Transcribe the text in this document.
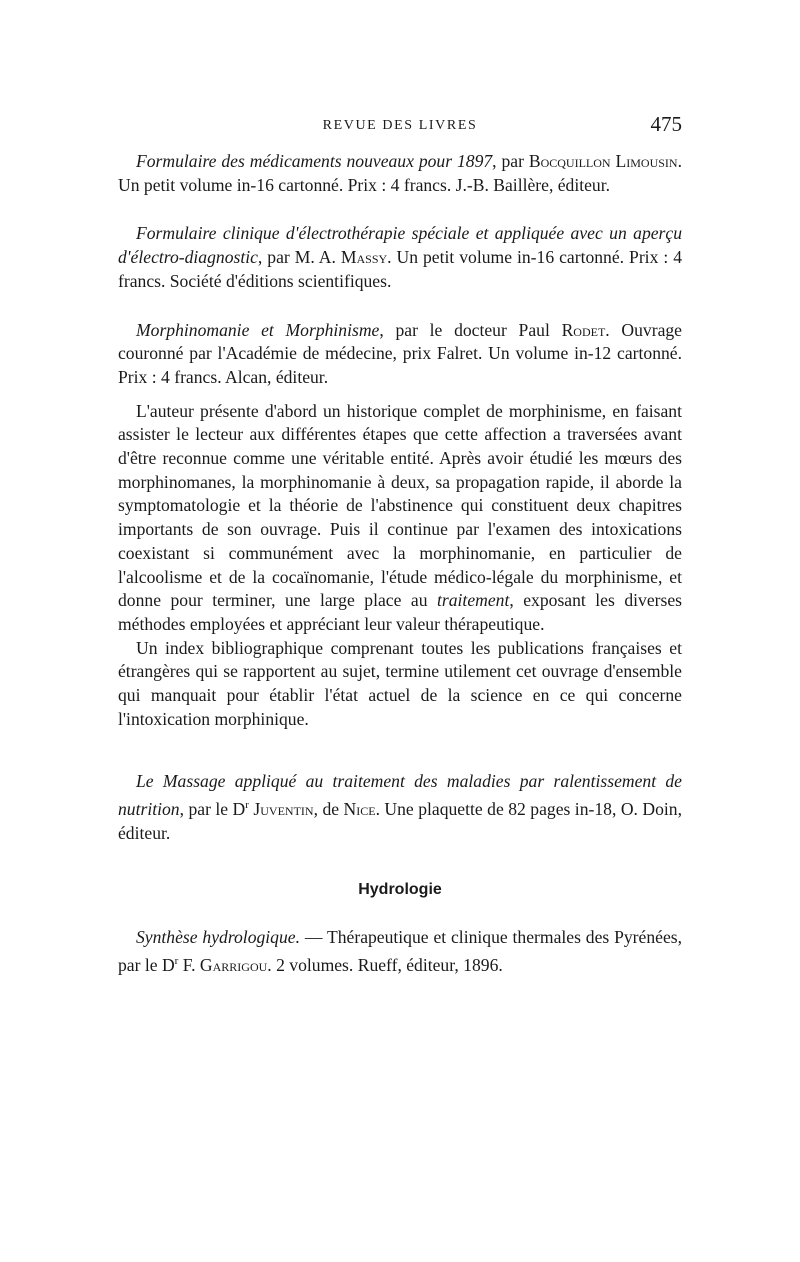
REVUE DES LIVRES	475

Formulaire des médicaments nouveaux pour 1897, par Bocquillon Limousin. Un petit volume in-16 cartonné. Prix : 4 francs. J.-B. Baillère, éditeur.

Formulaire clinique d'électrothérapie spéciale et appliquée avec un aperçu d'électro-diagnostic, par M. A. Massy. Un petit volume in-16 cartonné. Prix : 4 francs. Société d'éditions scientifiques.

Morphinomanie et Morphinisme, par le docteur Paul Rodet. Ouvrage couronné par l'Académie de médecine, prix Falret. Un volume in-12 cartonné. Prix : 4 francs. Alcan, éditeur.

L'auteur présente d'abord un historique complet de morphinisme, en faisant assister le lecteur aux différentes étapes que cette affection a traversées avant d'être reconnue comme une véritable entité. Après avoir étudié les mœurs des morphinomanes, la morphinomanie à deux, sa propagation rapide, il aborde la symptomatologie et la théorie de l'abstinence qui constituent deux chapitres importants de son ouvrage. Puis il continue par l'examen des intoxications coexistant si communément avec la morphinomanie, en particulier de l'alcoolisme et de la cocaïnomanie, l'étude médico-légale du morphinisme, et donne pour terminer, une large place au traitement, exposant les diverses méthodes employées et appréciant leur valeur thérapeutique.

Un index bibliographique comprenant toutes les publications françaises et étrangères qui se rapportent au sujet, termine utilement cet ouvrage d'ensemble qui manquait pour établir l'état actuel de la science en ce qui concerne l'intoxication morphinique.

Le Massage appliqué au traitement des maladies par ralentissement de nutrition, par le $D^r$ Juventin, de Nice. Une plaquette de 82 pages in-18, O. Doin, éditeur.

Hydrologie

Synthèse hydrologique. — Thérapeutique et clinique thermales des Pyrénées, par le $D^r$ F. Garrigou. 2 volumes. Rueff, éditeur, 1896.
